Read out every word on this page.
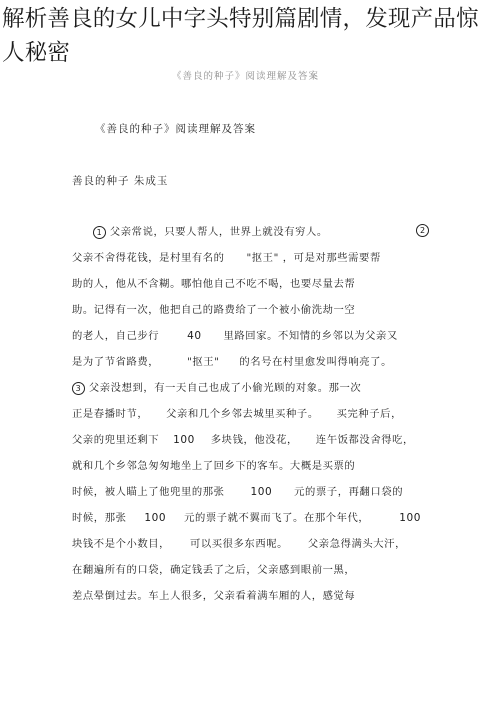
解析善良的女儿中字头特别篇剧情，发现产品惊人秘密
《善良的种子》阅读理解及答案
《善良的种子》阅读理解及答案
善良的种子 朱成玉
1 父亲常说，只要人帮人，世界上就没有穷人。	2
父亲不舍得花钱，是村里有名的 "抠王" ，可是对那些需要帮
助的人，他从不含糊。哪怕他自己不吃不喝，也要尽量去帮
助。记得有一次，他把自己的路费给了一个被小偷洗劫一空
的老人，自己步行	40 里路回家。不知情的乡邻以为父亲又
是为了节省路费，	"抠王" 的名号在村里愈发叫得响亮了。
3 父亲没想到，有一天自己也成了小偷光顾的对象。那一次
正是春播时节， 父亲和几个乡邻去城里买种子。 买完种子后，
父亲的兜里还剩下 100 多块钱，他没花， 连午饭都没舍得吃，
就和几个乡邻急匆匆地坐上了回乡下的客车。大概是买票的
时候，被人瞄上了他兜里的那张 100 元的票子，再翻口袋的
时候，那张 100 元的票子就不翼而飞了。在那个年代，	100
块钱不是个小数目， 可以买很多东西呢。 父亲急得满头大汗，
在翻遍所有的口袋，确定钱丢了之后，父亲感到眼前一黑，
差点晕倒过去。车上人很多，父亲看着满车厢的人，感觉每
